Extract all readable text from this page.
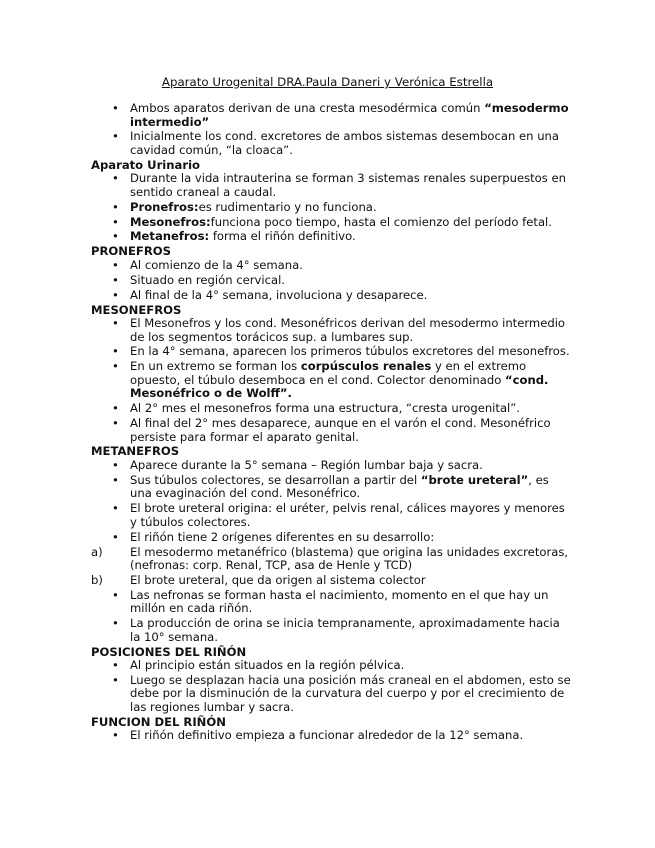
Aparato Urogenital DRA.Paula Daneri y Verónica Estrella
• Ambos aparatos derivan de una cresta mesodérmica común “mesodermo intermedio”
• Inicialmente los cond. excretores de ambos sistemas desembocan en una cavidad común, “la cloaca”.
Aparato Urinario
• Durante la vida intrauterina se forman 3 sistemas renales superpuestos en sentido craneal a caudal.
• Pronefros:es rudimentario y no funciona.
• Mesonefros:funciona poco tiempo, hasta el comienzo del período fetal.
• Metanefros: forma el riñón definitivo.
PRONEFROS
• Al comienzo de la 4° semana.
• Situado en región cervical.
• Al final de la 4° semana, involuciona y desaparece.
MESONEFROS
• El Mesonefros y los cond. Mesonéfricos derivan del mesodermo intermedio de los segmentos torácicos sup. a lumbares sup.
• En la 4° semana, aparecen los primeros túbulos excretores del mesonefros.
• En un extremo se forman los corpúsculos renales y en el extremo opuesto, el túbulo desemboca en el cond. Colector denominado “cond. Mesonéfrico o de Wolff”.
• Al 2° mes el mesonefros forma una estructura, “cresta urogenital”.
• Al final del 2° mes desaparece, aunque en el varón el cond. Mesonéfrico persiste para formar el aparato genital.
METANEFROS
• Aparece durante la 5° semana – Región lumbar baja y sacra.
• Sus túbulos colectores, se desarrollan a partir del “brote ureteral”, es una evaginación del cond. Mesonéfrico.
• El brote ureteral origina: el uréter, pelvis renal, cálices mayores y menores y túbulos colectores.
• El riñón tiene 2 orígenes diferentes en su desarrollo:
a) El mesodermo metanéfrico (blastema) que origina las unidades excretoras, (nefronas: corp. Renal, TCP, asa de Henle y TCD)
b) El brote ureteral, que da origen al sistema colector
• Las nefronas se forman hasta el nacimiento, momento en el que hay un millón en cada riñón.
• La producción de orina se inicia tempranamente, aproximadamente hacia la 10° semana.
POSICIONES DEL RIÑÓN
• Al principio están situados en la región pélvica.
• Luego se desplazan hacia una posición más craneal en el abdomen, esto se debe por la disminución de la curvatura del cuerpo y por el crecimiento de las regiones lumbar y sacra.
FUNCION DEL RIÑÓN
• El riñón definitivo empieza a funcionar alrededor de la 12° semana.
